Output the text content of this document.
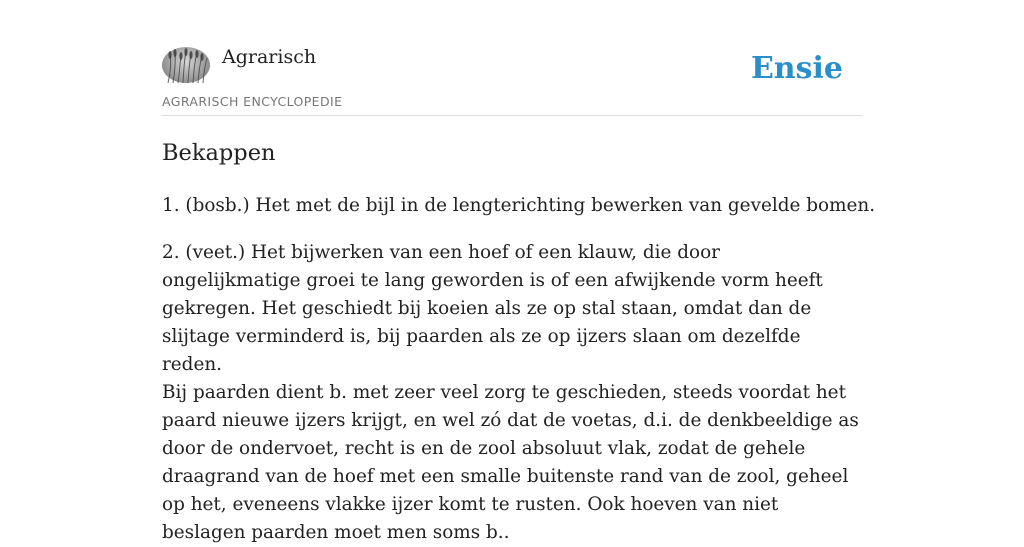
Agrarisch
AGRARISCH ENCYCLOPEDIE
Ensie
Bekappen

1. (bosb.) Het met de bijl in de lengterichting bewerken van gevelde bomen.

2. (veet.) Het bijwerken van een hoef of een klauw, die door ongelijkmatige groei te lang geworden is of een afwijkende vorm heeft gekregen. Het geschiedt bij koeien als ze op stal staan, omdat dan de slijtage verminderd is, bij paarden als ze op ijzers slaan om dezelfde reden.

Bij paarden dient b. met zeer veel zorg te geschieden, steeds voordat het paard nieuwe ijzers krijgt, en wel zó dat de voetas, d.i. de denkbeeldige as door de ondervoet, recht is en de zool absoluut vlak, zodat de gehele draagrand van de hoef met een smalle buitenste rand van de zool, geheel op het, eveneens vlakke ijzer komt te rusten. Ook hoeven van niet beslagen paarden moet men soms b..
